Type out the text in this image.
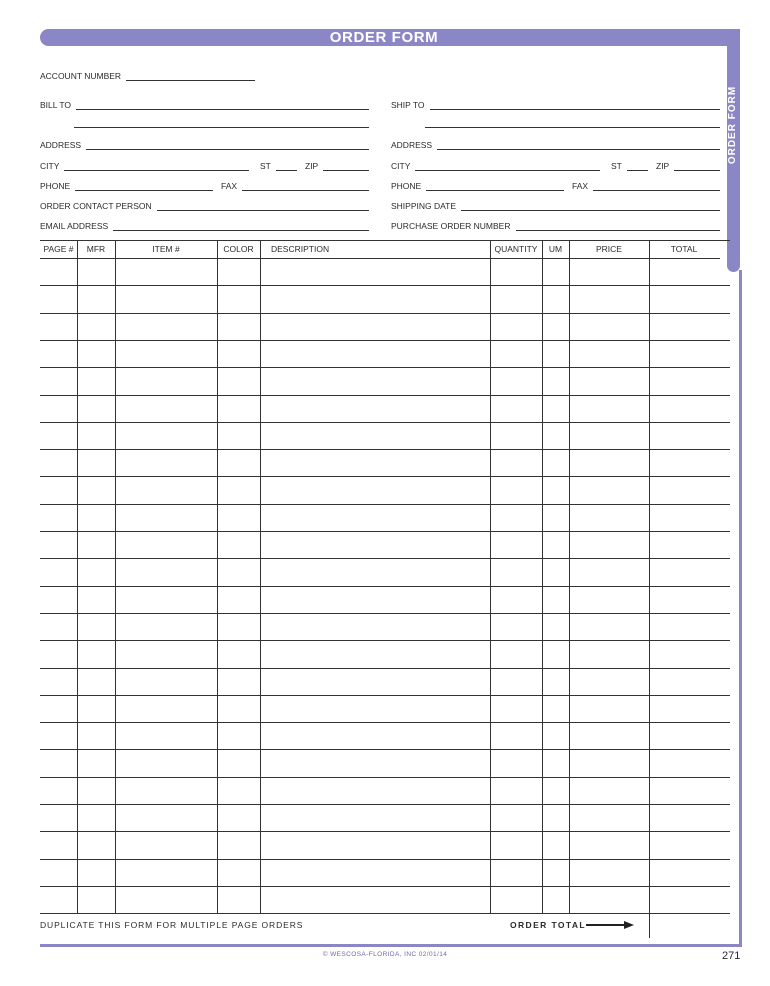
ORDER FORM
ORDER FORM
ACCOUNT NUMBER
BILL TO	SHIP TO
ADDRESS	ADDRESS
CITY	ST	ZIP	CITY	ST	ZIP
PHONE	FAX	PHONE	FAX
ORDER CONTACT PERSON	SHIPPING DATE
EMAIL ADDRESS	PURCHASE ORDER NUMBER
PAGE #	MFR	ITEM #	COLOR	DESCRIPTION	QUANTITY	UM	PRICE	TOTAL
DUPLICATE THIS FORM FOR MULTIPLE PAGE ORDERS	ORDER TOTAL
© WESCOSA-FLORIDA, INC 02/01/14	271
